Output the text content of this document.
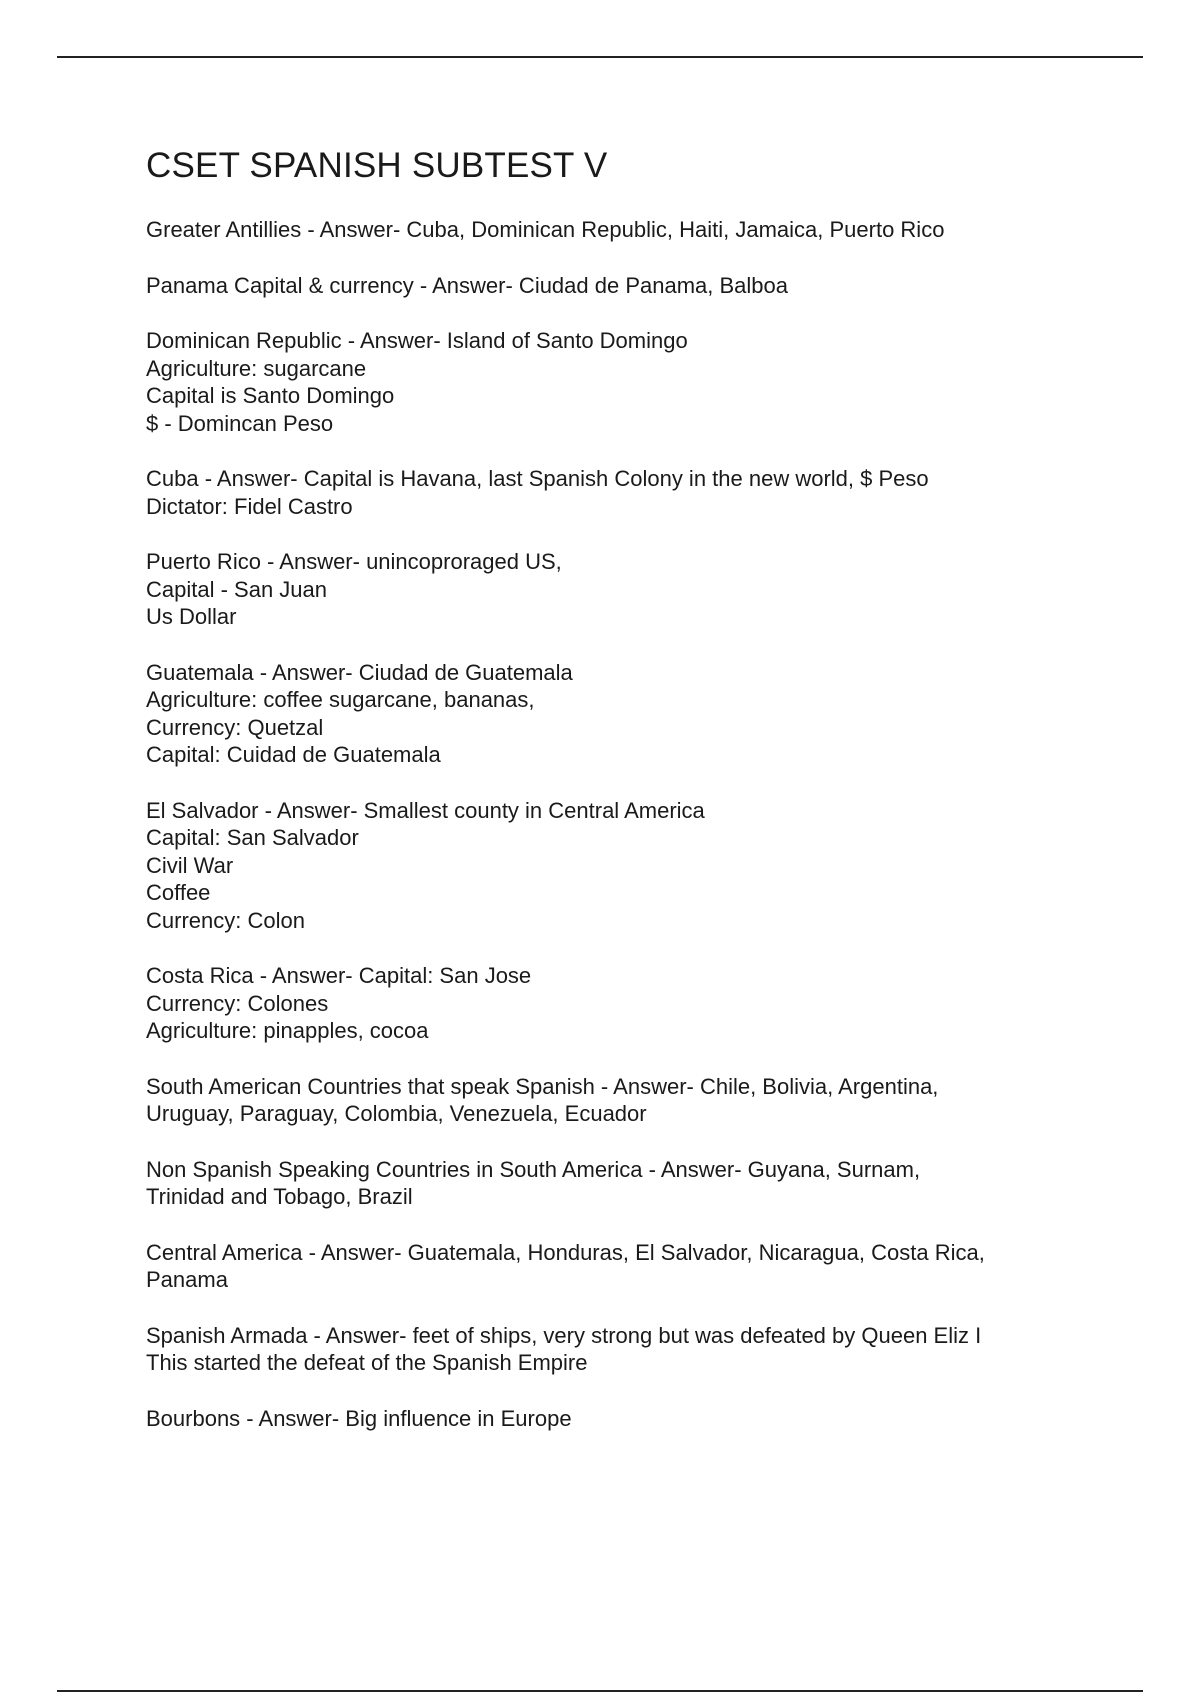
CSET SPANISH SUBTEST V
Greater Antillies - Answer- Cuba, Dominican Republic, Haiti, Jamaica, Puerto Rico
Panama Capital & currency - Answer- Ciudad de Panama, Balboa
Dominican Republic - Answer- Island of Santo Domingo
Agriculture: sugarcane
Capital is Santo Domingo
$ - Domincan Peso
Cuba - Answer- Capital is Havana, last Spanish Colony in the new world, $ Peso
Dictator: Fidel Castro
Puerto Rico - Answer- unincoproraged US,
Capital - San Juan
Us Dollar
Guatemala - Answer- Ciudad de Guatemala
Agriculture: coffee sugarcane, bananas,
Currency: Quetzal
Capital: Cuidad de Guatemala
El Salvador - Answer- Smallest county in Central America
Capital: San Salvador
Civil War
Coffee
Currency: Colon
Costa Rica - Answer- Capital: San Jose
Currency: Colones
Agriculture: pinapples, cocoa
South American Countries that speak Spanish - Answer- Chile, Bolivia, Argentina,
Uruguay, Paraguay, Colombia, Venezuela, Ecuador
Non Spanish Speaking Countries in South America - Answer- Guyana, Surnam,
Trinidad and Tobago, Brazil
Central America - Answer- Guatemala, Honduras, El Salvador, Nicaragua, Costa Rica,
Panama
Spanish Armada - Answer- feet of ships, very strong but was defeated by Queen Eliz I
This started the defeat of the Spanish Empire
Bourbons - Answer- Big influence in Europe
